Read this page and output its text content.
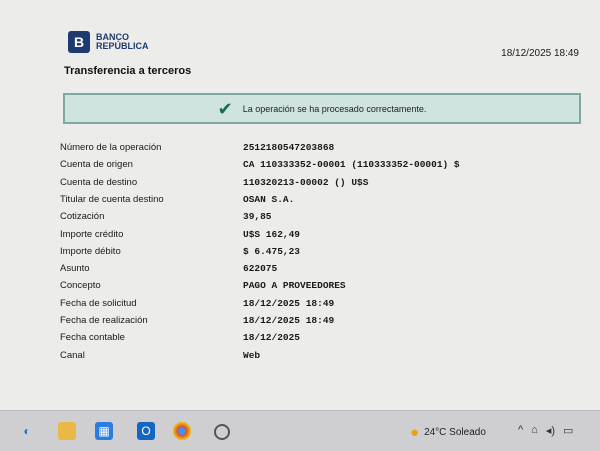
B	BANCO
REPÚBLICA
18/12/2025 18:49
Transferencia a terceros
✔ La operación se ha procesado correctamente.
Número de la operación	2512180547203868
Cuenta de origen	CA 110333352-00001 (110333352-00001) $
Cuenta de destino	110320213-00002 () U$S
Titular de cuenta destino	OSAN S.A.
Cotización	39,85
Importe crédito	U$S 162,49
Importe débito	$ 6.475,23
Asunto	622075
Concepto	PAGO A PROVEEDORES
Fecha de solicitud	18/12/2025 18:49
Fecha de realización	18/12/2025 18:49
Fecha contable	18/12/2025
Canal	Web
◐	▦	O	● 24°C Soleado	^ ⌂ ◂) ▭
